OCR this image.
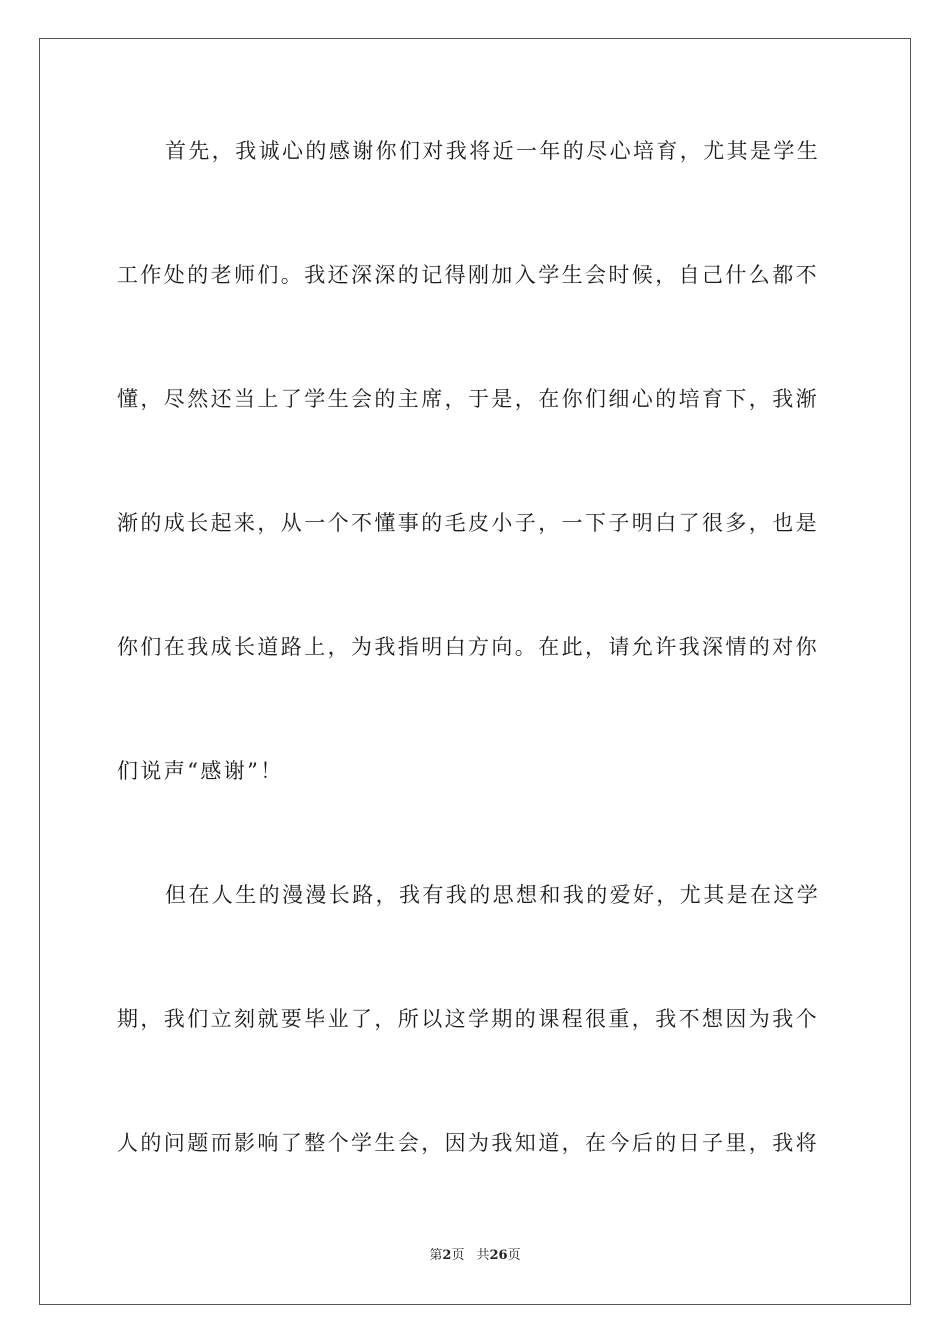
首先，我诚心的感谢你们对我将近一年的尽心培育，尤其是学生
工作处的老师们。我还深深的记得刚加入学生会时候，自己什么都不
懂，尽然还当上了学生会的主席，于是，在你们细心的培育下，我渐
渐的成长起来，从一个不懂事的毛皮小子，一下子明白了很多，也是
你们在我成长道路上，为我指明白方向。在此，请允许我深情的对你
们说声“感谢”！
但在人生的漫漫长路，我有我的思想和我的爱好，尤其是在这学
期，我们立刻就要毕业了，所以这学期的课程很重，我不想因为我个
人的问题而影响了整个学生会，因为我知道，在今后的日子里，我将
第2页 共26页
